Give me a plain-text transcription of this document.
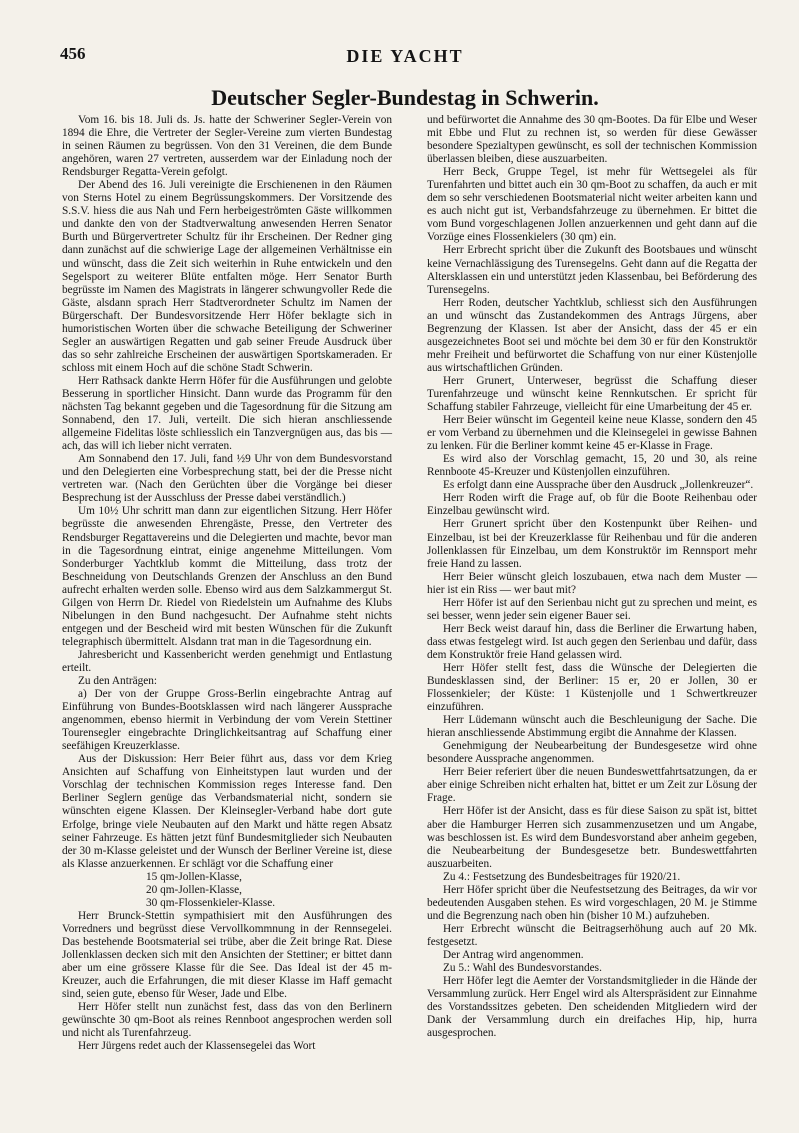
456	DIE YACHT
Deutscher Segler-Bundestag in Schwerin.

Vom 16. bis 18. Juli ds. Js. hatte der Schweriner Segler-Verein von 1894 die Ehre, die Vertreter der Segler-Vereine zum vierten Bundestag in seinen Räumen zu begrüssen. Von den 31 Vereinen, die dem Bunde angehören, waren 27 vertreten, ausserdem war der Einladung noch der Rendsburger Regatta-Verein gefolgt.

Der Abend des 16. Juli vereinigte die Erschienenen in den Räumen von Sterns Hotel zu einem Begrüssungskommers. Der Vorsitzende des S.S.V. hiess die aus Nah und Fern herbeigeströmten Gäste willkommen und dankte den von der Stadtverwaltung anwesenden Herren Senator Burth und Bürgervertreter Schultz für ihr Erscheinen. Der Redner ging dann zunächst auf die schwierige Lage der allgemeinen Verhältnisse ein und wünscht, dass die Zeit sich weiterhin in Ruhe entwickeln und den Segelsport zu weiterer Blüte entfalten möge. Herr Senator Burth begrüsste im Namen des Magistrats in längerer schwungvoller Rede die Gäste, alsdann sprach Herr Stadtverordneter Schultz im Namen der Bürgerschaft. Der Bundesvorsitzende Herr Höfer beklagte sich in humoristischen Worten über die schwache Beteiligung der Schweriner Segler an auswärtigen Regatten und gab seiner Freude Ausdruck über das so sehr zahlreiche Erscheinen der auswärtigen Sportskameraden. Er schloss mit einem Hoch auf die schöne Stadt Schwerin.

Herr Rathsack dankte Herrn Höfer für die Ausführungen und gelobte Besserung in sportlicher Hinsicht. Dann wurde das Programm für den nächsten Tag bekannt gegeben und die Tagesordnung für die Sitzung am Sonnabend, den 17. Juli, verteilt. Die sich hieran anschliessende allgemeine Fidelitas löste schliesslich ein Tanzvergnügen aus, das bis — ach, das will ich lieber nicht verraten.

Am Sonnabend den 17. Juli, fand ½9 Uhr von dem Bundesvorstand und den Delegierten eine Vorbesprechung statt, bei der die Presse nicht vertreten war. (Nach den Gerüchten über die Vorgänge bei dieser Besprechung ist der Ausschluss der Presse dabei verständlich.)

Um 10½ Uhr schritt man dann zur eigentlichen Sitzung. Herr Höfer begrüsste die anwesenden Ehrengäste, Presse, den Vertreter des Rendsburger Regattavereins und die Delegierten und machte, bevor man in die Tagesordnung eintrat, einige angenehme Mitteilungen. Vom Sonderburger Yachtklub kommt die Mitteilung, dass trotz der Beschneidung von Deutschlands Grenzen der Anschluss an den Bund aufrecht erhalten werden solle. Ebenso wird aus dem Salzkammergut St. Gilgen von Herrn Dr. Riedel von Riedelstein um Aufnahme des Klubs Nibelungen in den Bund nachgesucht. Der Aufnahme steht nichts entgegen und der Bescheid wird mit besten Wünschen für die Zukunft telegraphisch übermittelt. Alsdann trat man in die Tagesordnung ein.

Jahresbericht und Kassenbericht werden genehmigt und Entlastung erteilt.

Zu den Anträgen:

a) Der von der Gruppe Gross-Berlin eingebrachte Antrag auf Einführung von Bundes-Bootsklassen wird nach längerer Aussprache angenommen, ebenso hiermit in Verbindung der vom Verein Stettiner Tourensegler eingebrachte Dringlichkeitsantrag auf Schaffung einer seefähigen Kreuzerklasse.

Aus der Diskussion: Herr Beier führt aus, dass vor dem Krieg Ansichten auf Schaffung von Einheitstypen laut wurden und der Vorschlag der technischen Kommission reges Interesse fand. Den Berliner Seglern genüge das Verbandsmaterial nicht, sondern sie wünschten eigene Klassen. Der Kleinsegler-Verband habe dort gute Erfolge, bringe viele Neubauten auf den Markt und hätte regen Absatz seiner Fahrzeuge. Es hätten jetzt fünf Bundesmitglieder sich Neubauten der 30 m-Klasse geleistet und der Wunsch der Berliner Vereine ist, diese als Klasse anzuerkennen. Er schlägt vor die Schaffung einer

15 qm-Jollen-Klasse,

20 qm-Jollen-Klasse,

30 qm-Flossenkieler-Klasse.

Herr Brunck-Stettin sympathisiert mit den Ausführungen des Vorredners und begrüsst diese Vervollkommnung in der Rennsegelei. Das bestehende Bootsmaterial sei trübe, aber die Zeit bringe Rat. Diese Jollenklassen decken sich mit den Ansichten der Stettiner; er bittet dann aber um eine grössere Klasse für die See. Das Ideal ist der 45 m-Kreuzer, auch die Erfahrungen, die mit dieser Klasse im Haff gemacht sind, seien gute, ebenso für Weser, Jade und Elbe.

Herr Höfer stellt nun zunächst fest, dass das von den Berlinern gewünschte 30 qm-Boot als reines Rennboot angesprochen werden soll und nicht als Turenfahrzeug.

Herr Jürgens redet auch der Klassensegelei das Wort

und befürwortet die Annahme des 30 qm-Bootes. Da für Elbe und Weser mit Ebbe und Flut zu rechnen ist, so werden für diese Gewässer besondere Spezialtypen gewünscht, es soll der technischen Kommission überlassen bleiben, diese auszuarbeiten.

Herr Beck, Gruppe Tegel, ist mehr für Wettsegelei als für Turenfahrten und bittet auch ein 30 qm-Boot zu schaffen, da auch er mit dem so sehr verschiedenen Bootsmaterial nicht weiter arbeiten kann und es auch nicht gut ist, Verbandsfahrzeuge zu übernehmen. Er bittet die vom Bund vorgeschlagenen Jollen anzuerkennen und geht dann auf die Vorzüge eines Flossenkielers (30 qm) ein.

Herr Erbrecht spricht über die Zukunft des Bootsbaues und wünscht keine Vernachlässigung des Turensegelns. Geht dann auf die Regatta der Altersklassen ein und unterstützt jeden Klassenbau, bei Beförderung des Turensegelns.

Herr Roden, deutscher Yachtklub, schliesst sich den Ausführungen an und wünscht das Zustandekommen des Antrags Jürgens, aber Begrenzung der Klassen. Ist aber der Ansicht, dass der 45 er ein ausgezeichnetes Boot sei und möchte bei dem 30 er für den Konstruktör mehr Freiheit und befürwortet die Schaffung von nur einer Küstenjolle aus wirtschaftlichen Gründen.

Herr Grunert, Unterweser, begrüsst die Schaffung dieser Turenfahrzeuge und wünscht keine Rennkutschen. Er spricht für Schaffung stabiler Fahrzeuge, vielleicht für eine Umarbeitung der 45 er.

Herr Beier wünscht im Gegenteil keine neue Klasse, sondern den 45 er vom Verband zu übernehmen und die Kleinsegelei in gewisse Bahnen zu lenken. Für die Berliner kommt keine 45 er-Klasse in Frage.

Es wird also der Vorschlag gemacht, 15, 20 und 30, als reine Rennboote 45-Kreuzer und Küstenjollen einzuführen.

Es erfolgt dann eine Aussprache über den Ausdruck „Jollenkreuzer“.

Herr Roden wirft die Frage auf, ob für die Boote Reihenbau oder Einzelbau gewünscht wird.

Herr Grunert spricht über den Kostenpunkt über Reihen- und Einzelbau, ist bei der Kreuzerklasse für Reihenbau und für die anderen Jollenklassen für Einzelbau, um dem Konstruktör im Rennsport mehr freie Hand zu lassen.

Herr Beier wünscht gleich loszubauen, etwa nach dem Muster — hier ist ein Riss — wer baut mit?

Herr Höfer ist auf den Serienbau nicht gut zu sprechen und meint, es sei besser, wenn jeder sein eigener Bauer sei.

Herr Beck weist darauf hin, dass die Berliner die Erwartung haben, dass etwas festgelegt wird. Ist auch gegen den Serienbau und dafür, dass dem Konstruktör freie Hand gelassen wird.

Herr Höfer stellt fest, dass die Wünsche der Delegierten die Bundesklassen sind, der Berliner: 15 er, 20 er Jollen, 30 er Flossenkieler; der Küste: 1 Küstenjolle und 1 Schwertkreuzer einzuführen.

Herr Lüdemann wünscht auch die Beschleunigung der Sache. Die hieran anschliessende Abstimmung ergibt die Annahme der Klassen.

Genehmigung der Neubearbeitung der Bundesgesetze wird ohne besondere Aussprache angenommen.

Herr Beier referiert über die neuen Bundeswettfahrtsatzungen, da er aber einige Schreiben nicht erhalten hat, bittet er um Zeit zur Lösung der Frage.

Herr Höfer ist der Ansicht, dass es für diese Saison zu spät ist, bittet aber die Hamburger Herren sich zusammenzusetzen und um Angabe, was beschlossen ist. Es wird dem Bundesvorstand aber anheim gegeben, die Neubearbeitung der Bundesgesetze betr. Bundeswettfahrten auszuarbeiten.

Zu 4.: Festsetzung des Bundesbeitrages für 1920/21.

Herr Höfer spricht über die Neufestsetzung des Beitrages, da wir vor bedeutenden Ausgaben stehen. Es wird vorgeschlagen, 20 M. je Stimme und die Begrenzung nach oben hin (bisher 10 M.) aufzuheben.

Herr Erbrecht wünscht die Beitragserhöhung auch auf 20 Mk. festgesetzt.

Der Antrag wird angenommen.

Zu 5.: Wahl des Bundesvorstandes.

Herr Höfer legt die Aemter der Vorstandsmitglieder in die Hände der Versammlung zurück. Herr Engel wird als Alterspräsident zur Einnahme des Vorstandssitzes gebeten. Den scheidenden Mitgliedern wird der Dank der Versammlung durch ein dreifaches Hip, hip, hurra ausgesprochen.
